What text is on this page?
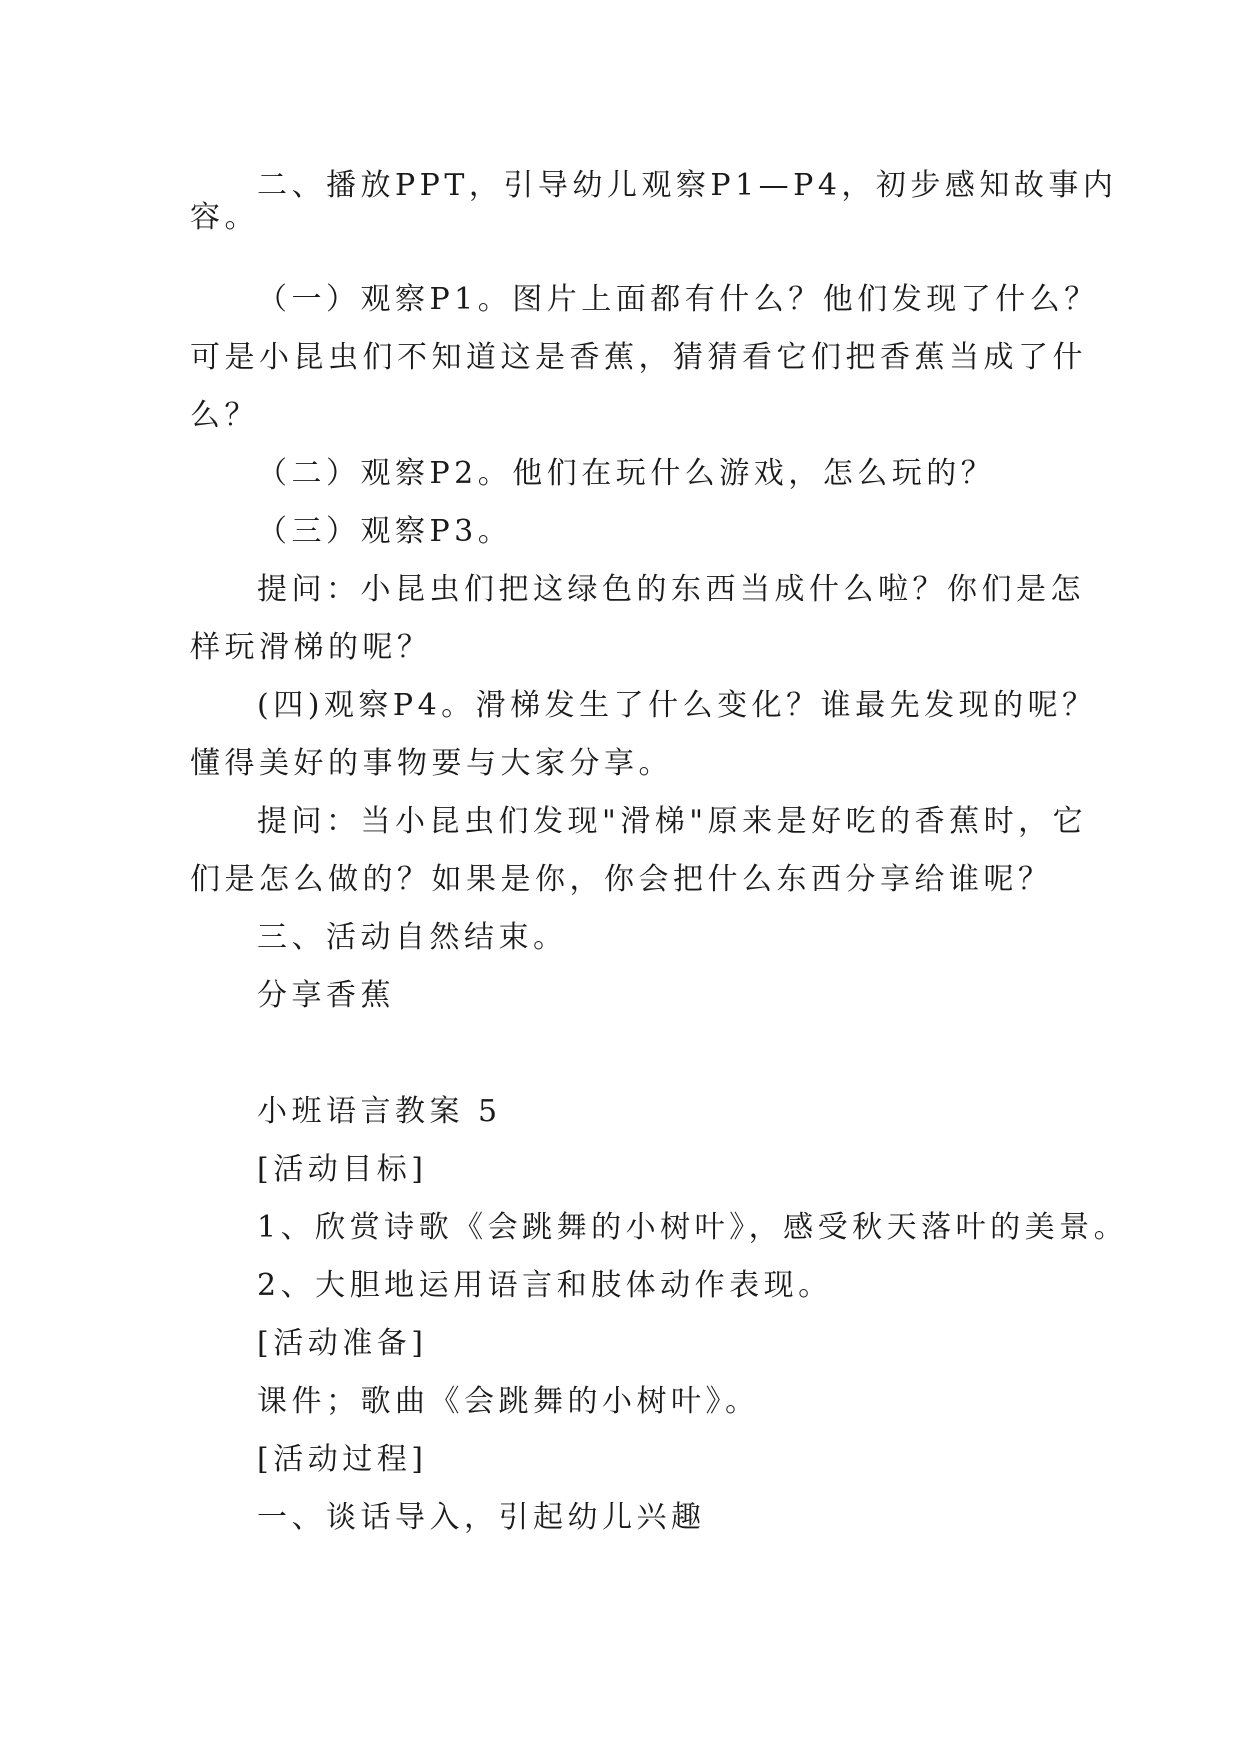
二、播放PPT，引导幼儿观察P1—P4，初步感知故事内

容。

（一）观察P1。图片上面都有什么？他们发现了什么？

可是小昆虫们不知道这是香蕉，猜猜看它们把香蕉当成了什

么？

（二）观察P2。他们在玩什么游戏，怎么玩的？

（三）观察P3。

提问：小昆虫们把这绿色的东西当成什么啦？你们是怎

样玩滑梯的呢？

(四)观察P4。滑梯发生了什么变化？谁最先发现的呢？

懂得美好的事物要与大家分享。

提问：当小昆虫们发现"滑梯"原来是好吃的香蕉时，它

们是怎么做的？如果是你，你会把什么东西分享给谁呢？

三、活动自然结束。

分享香蕉

小班语言教案 5

[活动目标]

1、欣赏诗歌《会跳舞的小树叶》，感受秋天落叶的美景。

2、大胆地运用语言和肢体动作表现。

[活动准备]

课件；歌曲《会跳舞的小树叶》。

[活动过程]

一、谈话导入，引起幼儿兴趣
